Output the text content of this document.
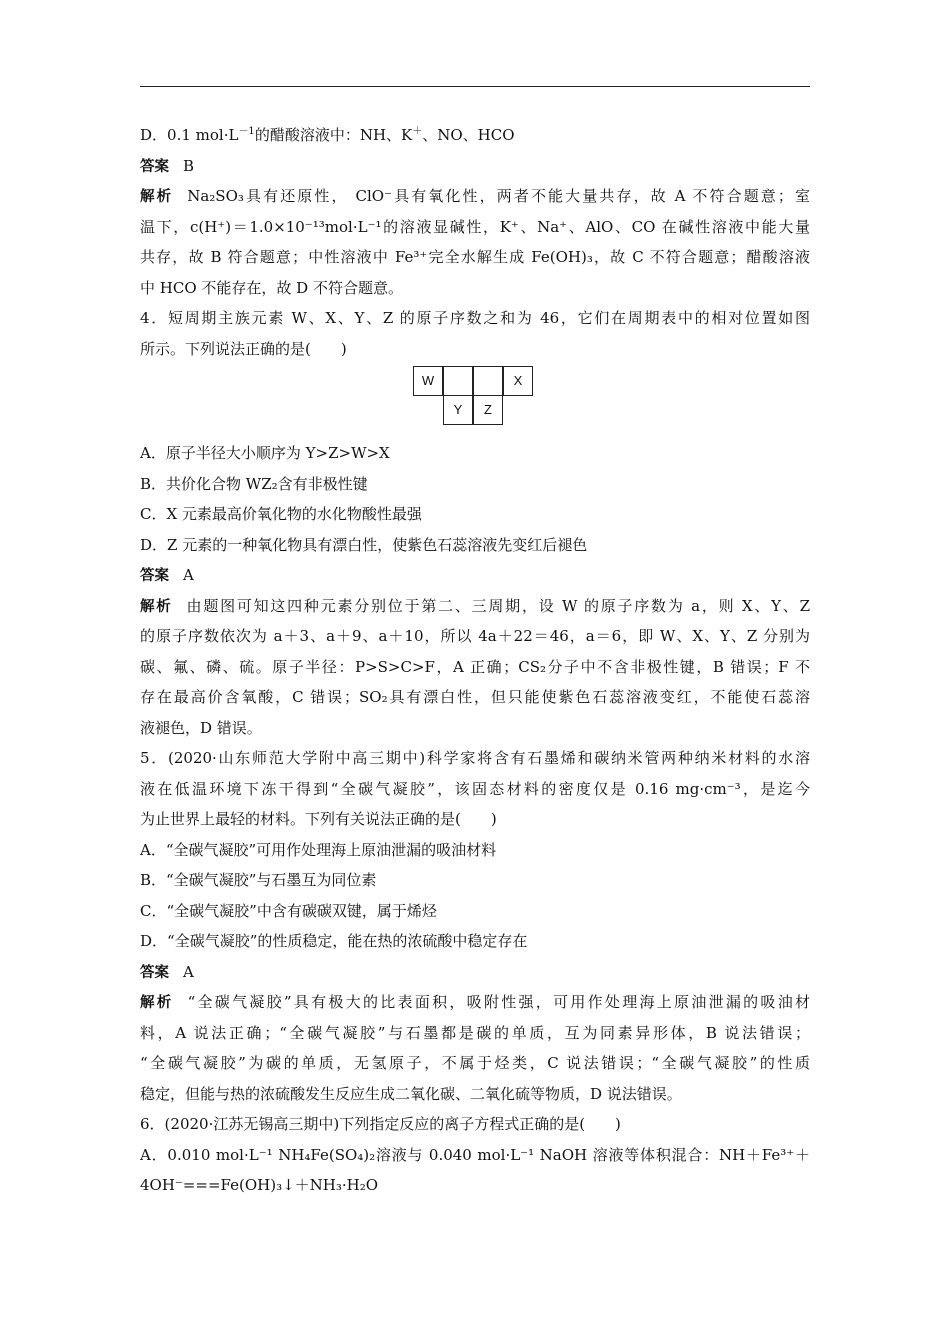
D．0.1 $mol\cdot L^{-1}$的醋酸溶液中：NH、K＋、NO、HCO
答案 B
解析 Na₂SO₃具有还原性， ClO⁻具有氧化性，两者不能大量共存，故 A 不符合题意；室
温下，c(H⁺)＝1.0×10⁻¹³mol·L⁻¹的溶液显碱性，K⁺、Na⁺、AlO、CO 在碱性溶液中能大量
共存，故 B 符合题意；中性溶液中 Fe³⁺完全水解生成 Fe(OH)₃，故 C 不符合题意；醋酸溶液
中 HCO 不能存在，故 D 不符合题意。
4．短周期主族元素 W、X、Y、Z 的原子序数之和为 46，它们在周期表中的相对位置如图
所示。下列说法正确的是(　　)
W	X
Y	Z
A．原子半径大小顺序为 Y>Z>W>X
B．共价化合物 WZ₂含有非极性键
C．X 元素最高价氧化物的水化物酸性最强
D．Z 元素的一种氧化物具有漂白性，使紫色石蕊溶液先变红后褪色
答案 A
解析 由题图可知这四种元素分别位于第二、三周期，设 W 的原子序数为 a，则 X、Y、Z
的原子序数依次为 a＋3、a＋9、a＋10，所以 4a＋22＝46，a＝6，即 W、X、Y、Z 分别为
碳、氟、磷、硫。原子半径：P>S>C>F，A 正确；CS₂分子中不含非极性键，B 错误；F 不
存在最高价含氧酸，C 错误；SO₂具有漂白性，但只能使紫色石蕊溶液变红，不能使石蕊溶
液褪色，D 错误。
5．(2020·山东师范大学附中高三期中)科学家将含有石墨烯和碳纳米管两种纳米材料的水溶
液在低温环境下冻干得到“全碳气凝胶”，该固态材料的密度仅是 0.16 mg·cm⁻³，是迄今
为止世界上最轻的材料。下列有关说法正确的是(　　)
A．“全碳气凝胶”可用作处理海上原油泄漏的吸油材料
B．“全碳气凝胶”与石墨互为同位素
C．“全碳气凝胶”中含有碳碳双键，属于烯烃
D．“全碳气凝胶”的性质稳定，能在热的浓硫酸中稳定存在
答案 A
解析 “全碳气凝胶”具有极大的比表面积，吸附性强，可用作处理海上原油泄漏的吸油材
料，A 说法正确；“全碳气凝胶”与石墨都是碳的单质，互为同素异形体，B 说法错误；
“全碳气凝胶”为碳的单质，无氢原子，不属于烃类，C 说法错误；“全碳气凝胶”的性质
稳定，但能与热的浓硫酸发生反应生成二氧化碳、二氧化硫等物质，D 说法错误。
6．(2020·江苏无锡高三期中)下列指定反应的离子方程式正确的是(　　)
A．0.010 mol·L⁻¹ NH₄Fe(SO₄)₂溶液与 0.040 mol·L⁻¹ NaOH 溶液等体积混合：NH＋Fe³⁺＋
4OH⁻===Fe(OH)₃↓＋NH₃·H₂O
